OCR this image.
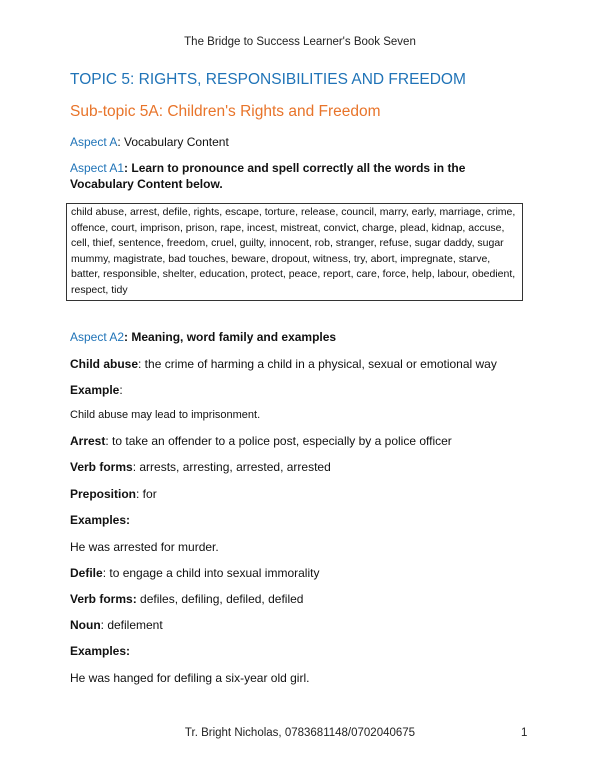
The Bridge to Success Learner's Book Seven
TOPIC 5: RIGHTS, RESPONSIBILITIES AND FREEDOM
Sub-topic 5A: Children's Rights and Freedom
Aspect A: Vocabulary Content
Aspect A1: Learn to pronounce and spell correctly all the words in the Vocabulary Content below.
child abuse, arrest, defile, rights, escape, torture, release, council, marry, early, marriage, crime, offence, court, imprison, prison, rape, incest, mistreat, convict, charge, plead, kidnap, accuse, cell, thief, sentence, freedom, cruel, guilty, innocent, rob, stranger, refuse, sugar daddy, sugar mummy, magistrate, bad touches, beware, dropout, witness, try, abort, impregnate, starve, batter, responsible, shelter, education, protect, peace, report, care, force, help, labour, obedient, respect, tidy
Aspect A2: Meaning, word family and examples
Child abuse: the crime of harming a child in a physical, sexual or emotional way
Example:
Child abuse may lead to imprisonment.
Arrest: to take an offender to a police post, especially by a police officer
Verb forms: arrests, arresting, arrested, arrested
Preposition: for
Examples:
He was arrested for murder.
Defile: to engage a child into sexual immorality
Verb forms: defiles, defiling, defiled, defiled
Noun: defilement
Examples:
He was hanged for defiling a six-year old girl.
Tr. Bright Nicholas, 0783681148/0702040675	1
